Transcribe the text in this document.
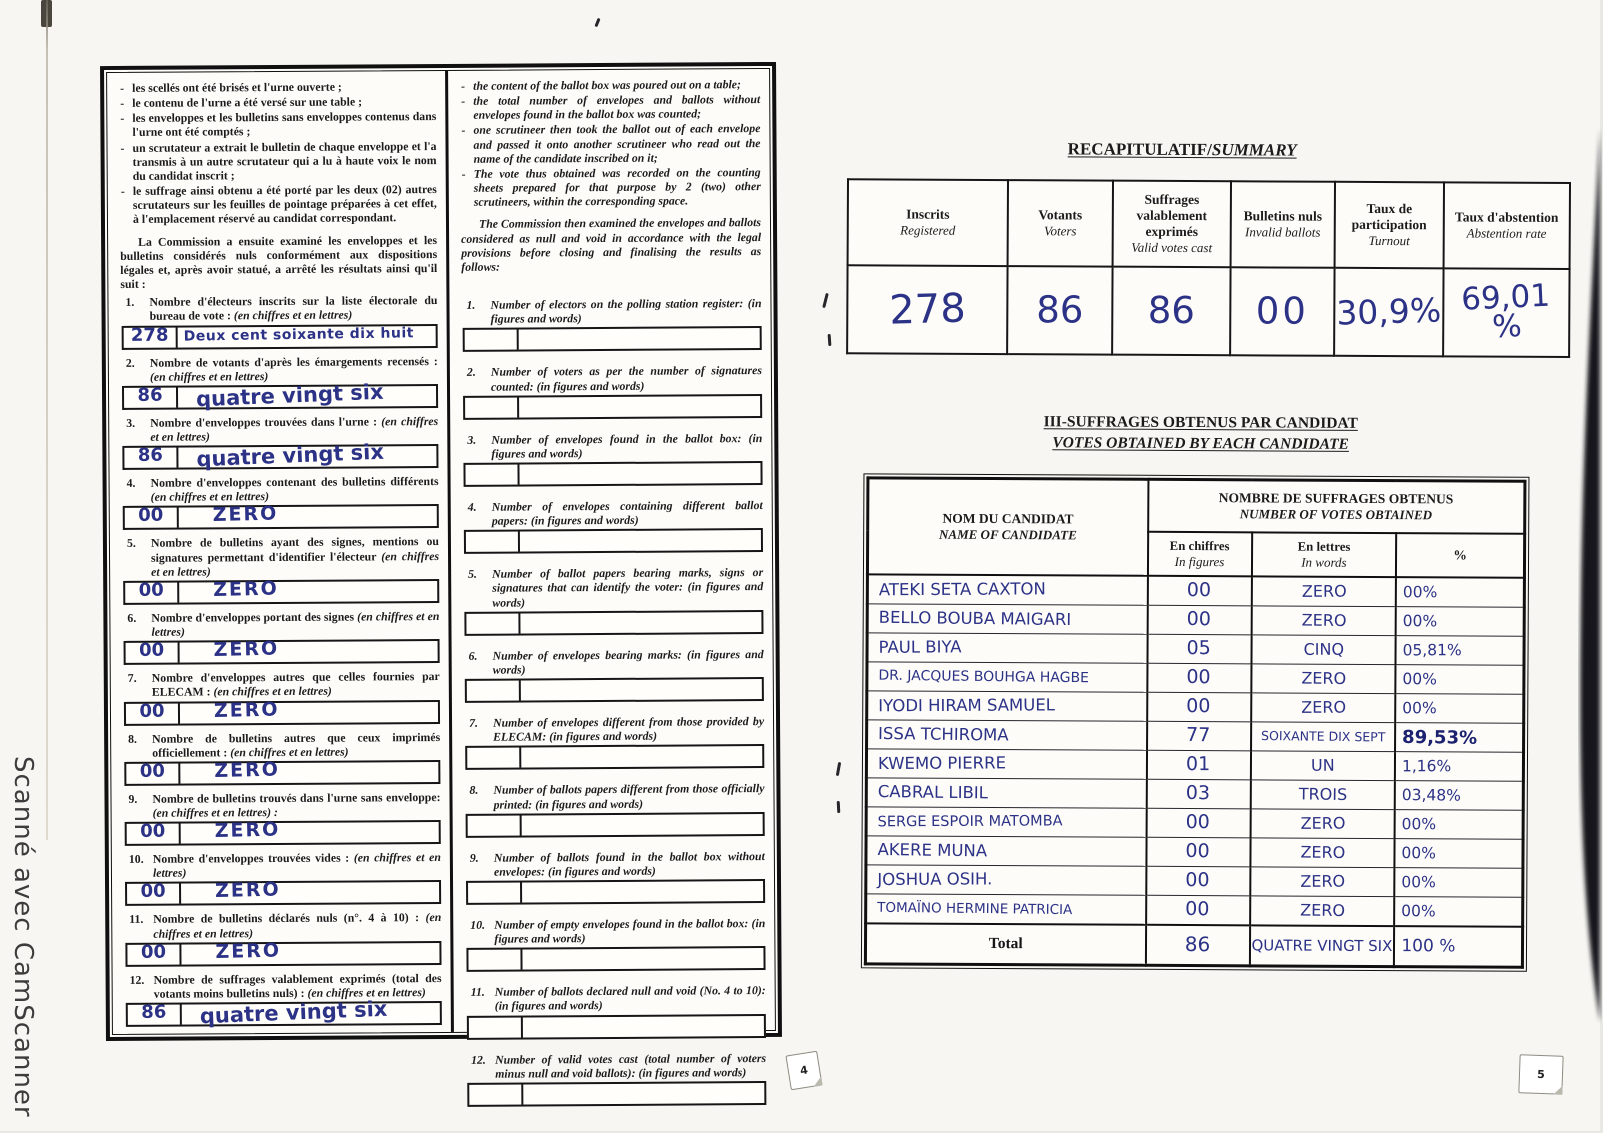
Scanné avec CamScanner
- les scellés ont été brisés et l'urne ouverte ;
- le contenu de l'urne a été versé sur une table ;
- les enveloppes et les bulletins sans enveloppes contenus dans l'urne ont été comptés ;
- un scrutateur a extrait le bulletin de chaque enveloppe et l'a transmis à un autre scrutateur qui a lu à haute voix le nom du candidat inscrit ;
- le suffrage ainsi obtenu a été porté par les deux (02) autres scrutateurs sur les feuilles de pointage préparées à cet effet, à l'emplacement réservé au candidat correspondant.

La Commission a ensuite examiné les enveloppes et les bulletins considérés nuls conformément aux dispositions légales et, après avoir statué, a arrêté les résultats ainsi qu'il suit :

1.	Nombre d'électeurs inscrits sur la liste électorale du bureau de vote : (en chiffres et en lettres)
278	Deux cent soixante dix huit
2.	Nombre de votants d'après les émargements recensés : (en chiffres et en lettres)
86	quatre vingt six
3.	Nombre d'enveloppes trouvées dans l'urne : (en chiffres et en lettres)
86	quatre vingt six
4.	Nombre d'enveloppes contenant des bulletins différents (en chiffres et en lettres)
00	ZERO
5.	Nombre de bulletins ayant des signes, mentions ou signatures permettant d'identifier l'électeur (en chiffres et en lettres)
00	ZERO
6.	Nombre d'enveloppes portant des signes (en chiffres et en lettres)
00	ZERO
7.	Nombre d'enveloppes autres que celles fournies par ELECAM : (en chiffres et en lettres)
00	ZERO
8.	Nombre de bulletins autres que ceux imprimés officiellement : (en chiffres et en lettres)
00	ZERO
9.	Nombre de bulletins trouvés dans l'urne sans enveloppe: (en chiffres et en lettres) :
00	ZERO
10. Nombre d'enveloppes trouvées vides : (en chiffres et en lettres)
00	ZERO
11. Nombre de bulletins déclarés nuls (n°. 4 à 10) : (en chiffres et en lettres)
00	ZERO
12. Nombre de suffrages valablement exprimés (total des votants moins bulletins nuls) : (en chiffres et en lettres)
86	quatre vingt six
- the content of the ballot box was poured out on a table;
- the total number of envelopes and ballots without envelopes found in the ballot box was counted;
- one scrutineer then took the ballot out of each envelope and passed it onto another scrutineer who read out the name of the candidate inscribed on it;
- The vote thus obtained was recorded on the counting sheets prepared for that purpose by 2 (two) other scrutineers, within the corresponding space.

The Commission then examined the envelopes and ballots considered as null and void in accordance with the legal provisions before closing and finalising the results as follows:

1.	Number of electors on the polling station register: (in figures and words)
2.	Number of voters as per the number of signatures counted: (in figures and words)
3.	Number of envelopes found in the ballot box: (in figures and words)
4.	Number of envelopes containing different ballot papers: (in figures and words)
5.	Number of ballot papers bearing marks, signs or signatures that can identify the voter: (in figures and words)
6.	Number of envelopes bearing marks: (in figures and words)
7.	Number of envelopes different from those provided by ELECAM: (in figures and words)
8.	Number of ballots papers different from those officially printed: (in figures and words)
9.	Number of ballots found in the ballot box without envelopes: (in figures and words)
10. Number of empty envelopes found in the ballot box: (in figures and words)
11. Number of ballots declared null and void (No. 4 to 10): (in figures and words)
12. Number of valid votes cast (total number of voters minus null and void ballots): (in figures and words)
RECAPITULATIF/SUMMARY
Inscrits
Registered

Votants
Voters

Suffrages valablement exprimés
Valid votes cast

Bulletins nuls
Invalid ballots

Taux de participation
Turnout

Taux d'abstention
Abstention rate

278	86	86	00	30,9%	69,01 %
III-SUFFRAGES OBTENUS PAR CANDIDAT
VOTES OBTAINED BY EACH CANDIDATE
NOM DU CANDIDAT
NAME OF CANDIDATE

NOMBRE DE SUFFRAGES OBTENUS
NUMBER OF VOTES OBTAINED

En chiffres
In figures

En lettres
In words	%

ATEKI SETA CAXTON	00	ZERO	00%
BELLO BOUBA MAIGARI	00	ZERO	00%
PAUL BIYA	05	CINQ	05,81%
DR. JACQUES BOUHGA HAGBE	00	ZERO	00%
IYODI HIRAM SAMUEL	00	ZERO	00%
ISSA TCHIROMA	77	SOIXANTE DIX SEPT	89,53%
KWEMO PIERRE	01	UN	1,16%
CABRAL LIBIL	03	TROIS	03,48%
SERGE ESPOIR MATOMBA	00	ZERO	00%
AKERE MUNA	00	ZERO	00%
JOSHUA OSIH.	00	ZERO	00%
TOMAÏNO HERMINE PATRICIA	00	ZERO	00%
Total	86	QUATRE VINGT SIX	100 %
4	5
